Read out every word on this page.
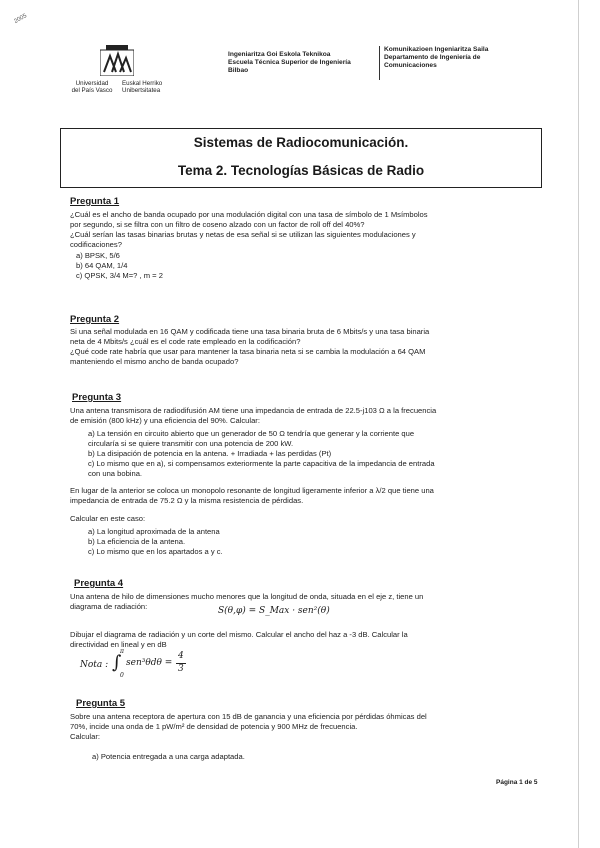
2005
Universidad
del País Vasco
Euskal Herriko
Unibertsitatea
Ingeniaritza Goi Eskola Teknikoa
Escuela Técnica Superior de Ingeniería
Bilbao
Komunikazioen Ingeniaritza Saila
Departamento de Ingeniería de
Comunicaciones
Sistemas de Radiocomunicación.
Tema 2. Tecnologías Básicas de Radio
Pregunta 1
¿Cuál es el ancho de banda ocupado por una modulación digital con una tasa de símbolo de 1 Msímbolos
por segundo, si se filtra con un filtro de coseno alzado con un factor de roll off del 40%?
¿Cuál serían las tasas binarias brutas y netas de esa señal si se utilizan las siguientes modulaciones y
codificaciones?
a) BPSK, 5/6
b) 64 QAM, 1/4
c) QPSK, 3/4 M=? , m = 2
Pregunta 2
Si una señal modulada en 16 QAM y codificada tiene una tasa binaria bruta de 6 Mbits/s y una tasa binaria
neta de 4 Mbits/s ¿cuál es el code rate empleado en la codificación?
¿Qué code rate habría que usar para mantener la tasa binaria neta si se cambia la modulación a 64 QAM
manteniendo el mismo ancho de banda ocupado?
Pregunta 3
Una antena transmisora de radiodifusión AM tiene una impedancia de entrada de 22.5-j103 Ω a la frecuencia
de emisión (800 kHz) y una eficiencia del 90%. Calcular:
a) La tensión en circuito abierto que un generador de 50 Ω tendría que generar y la corriente que
circularía si se quiere transmitir con una potencia de 200 kW.
b) La disipación de potencia en la antena. + Irradiada + las perdidas (Pt)
c) Lo mismo que en a), si compensamos exteriormente la parte capacitiva de la impedancia de entrada
con una bobina.
En lugar de la anterior se coloca un monopolo resonante de longitud ligeramente inferior a λ/2 que tiene una
impedancia de entrada de 75.2 Ω y la misma resistencia de pérdidas.
Calcular en este caso:
a) La longitud aproximada de la antena
b) La eficiencia de la antena.
c) Lo mismo que en los apartados a y c.
Pregunta 4
Una antena de hilo de dimensiones mucho menores que la longitud de onda, situada en el eje z, tiene un
diagrama de radiación:	S(θ,φ) = S_Max · sen²(θ)
Dibujar el diagrama de radiación y un corte del mismo. Calcular el ancho del haz a -3 dB. Calcular la
directividad en lineal y en dB
Nota : ∫
π
0
sen³θdθ =
4
3
Pregunta 5
Sobre una antena receptora de apertura con 15 dB de ganancia y una eficiencia por pérdidas óhmicas del
70%, incide una onda de 1 pW/m² de densidad de potencia y 900 MHz de frecuencia.
Calcular:
a) Potencia entregada a una carga adaptada.
Página 1 de 5
